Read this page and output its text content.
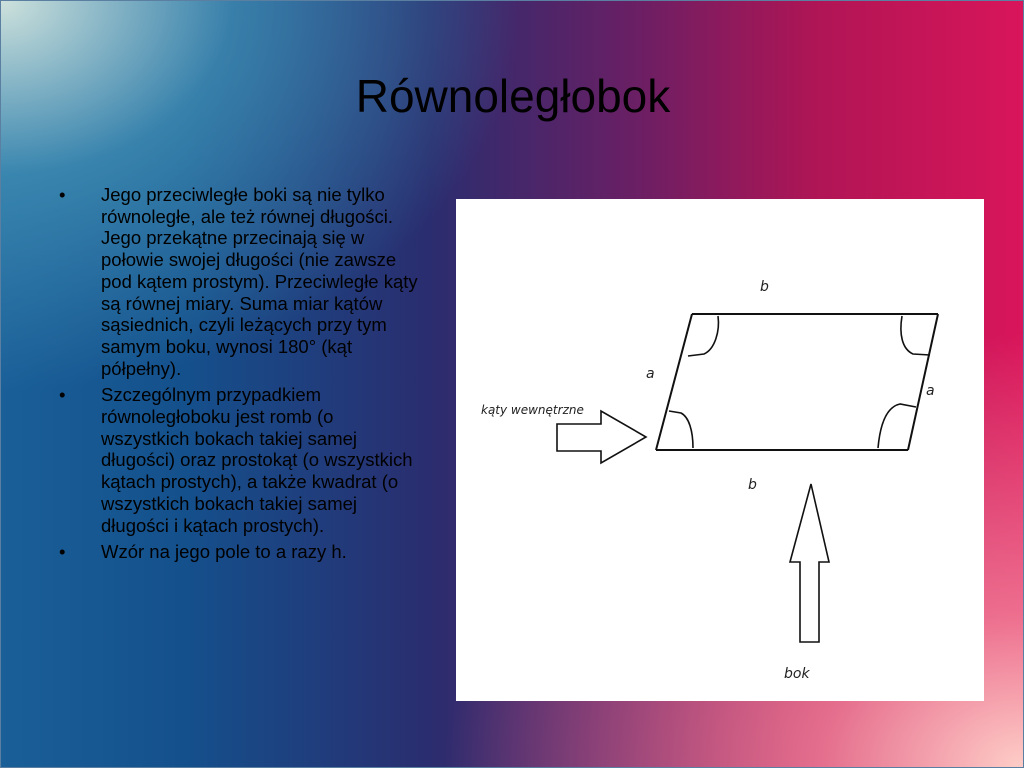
Równoległobok
• Jego przeciwległe boki są nie tylko równoległe, ale też równej długości. Jego przekątne przecinają się w połowie swojej długości (nie zawsze pod kątem prostym). Przeciwległe kąty są równej miary. Suma miar kątów sąsiednich, czyli leżących przy tym samym boku, wynosi 180° (kąt półpełny).
• Szczególnym przypadkiem równoległoboku jest romb (o wszystkich bokach takiej samej długości) oraz prostokąt (o wszystkich kątach prostych), a także kwadrat (o wszystkich bokach takiej samej długości i kątach prostych).
• Wzór na jego pole to a razy h.
b
b
a
a
kąty wewnętrzne
bok
